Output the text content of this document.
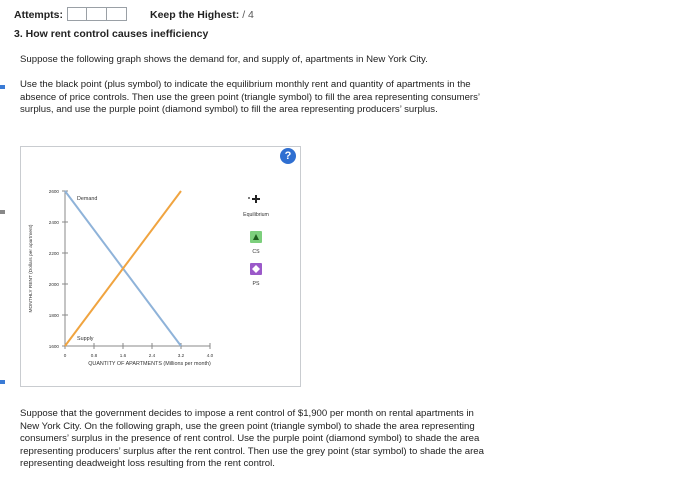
Attempts:	Keep the Highest: / 4
3. How rent control causes inefficiency

Suppose the following graph shows the demand for, and supply of, apartments in New York City.

Use the black point (plus symbol) to indicate the equilibrium monthly rent and quantity of apartments in the absence of price controls. Then use the green point (triangle symbol) to fill the area representing consumers’ surplus, and use the purple point (diamond symbol) to fill the area representing producers’ surplus.

QUANTITY OF APARTMENTS (Millions per month)
MONTHLY RENT (Dollars per apartment)
1600
1800
2000
2200
2400
2600
0	0.8	1.6	2.4	3.2	4.0
Demand
Supply
Equilibrium
CS
PS
?

Suppose that the government decides to impose a rent control of $1,900 per month on rental apartments in New York City. On the following graph, use the green point (triangle symbol) to shade the area representing consumers’ surplus in the presence of rent control. Use the purple point (diamond symbol) to shade the area representing producers’ surplus after the rent control. Then use the grey point (star symbol) to shade the area representing deadweight loss resulting from the rent control.
